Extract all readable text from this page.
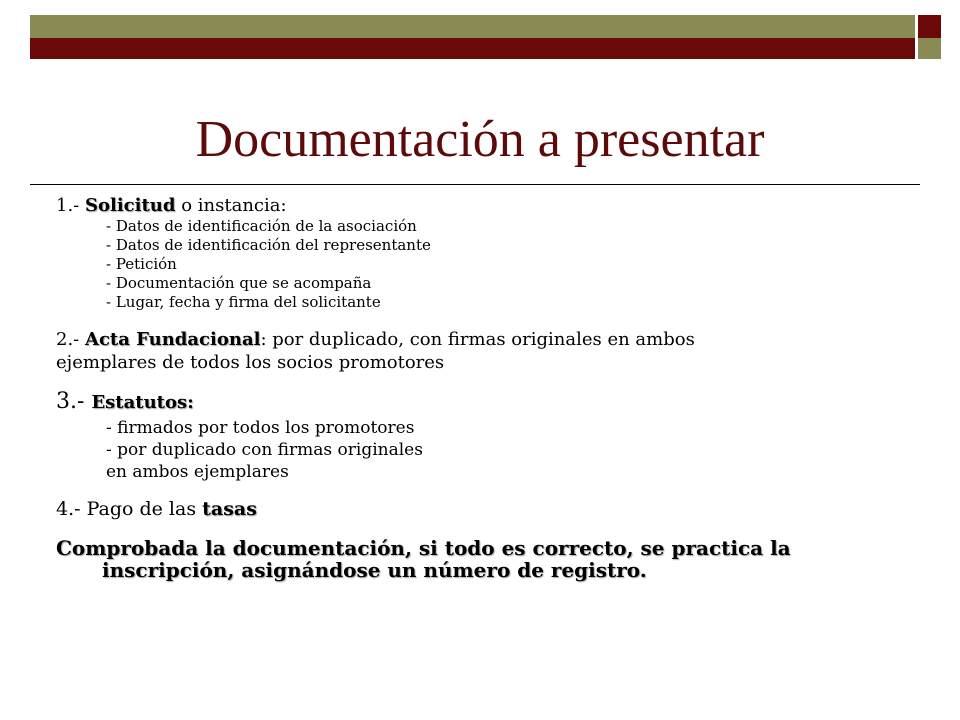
Documentación a presentar
1.- Solicitud o instancia:
- Datos de identificación de la asociación
- Datos de identificación del representante
- Petición
- Documentación que se acompaña
- Lugar, fecha y firma del solicitante
2.- Acta Fundacional: por duplicado, con firmas originales en ambos
ejemplares de todos los socios promotores
3.- Estatutos:
- firmados por todos los promotores
- por duplicado con firmas originales
en ambos ejemplares
4.- Pago de las tasas
Comprobada la documentación, si todo es correcto, se practica la
inscripción, asignándose un número de registro.
